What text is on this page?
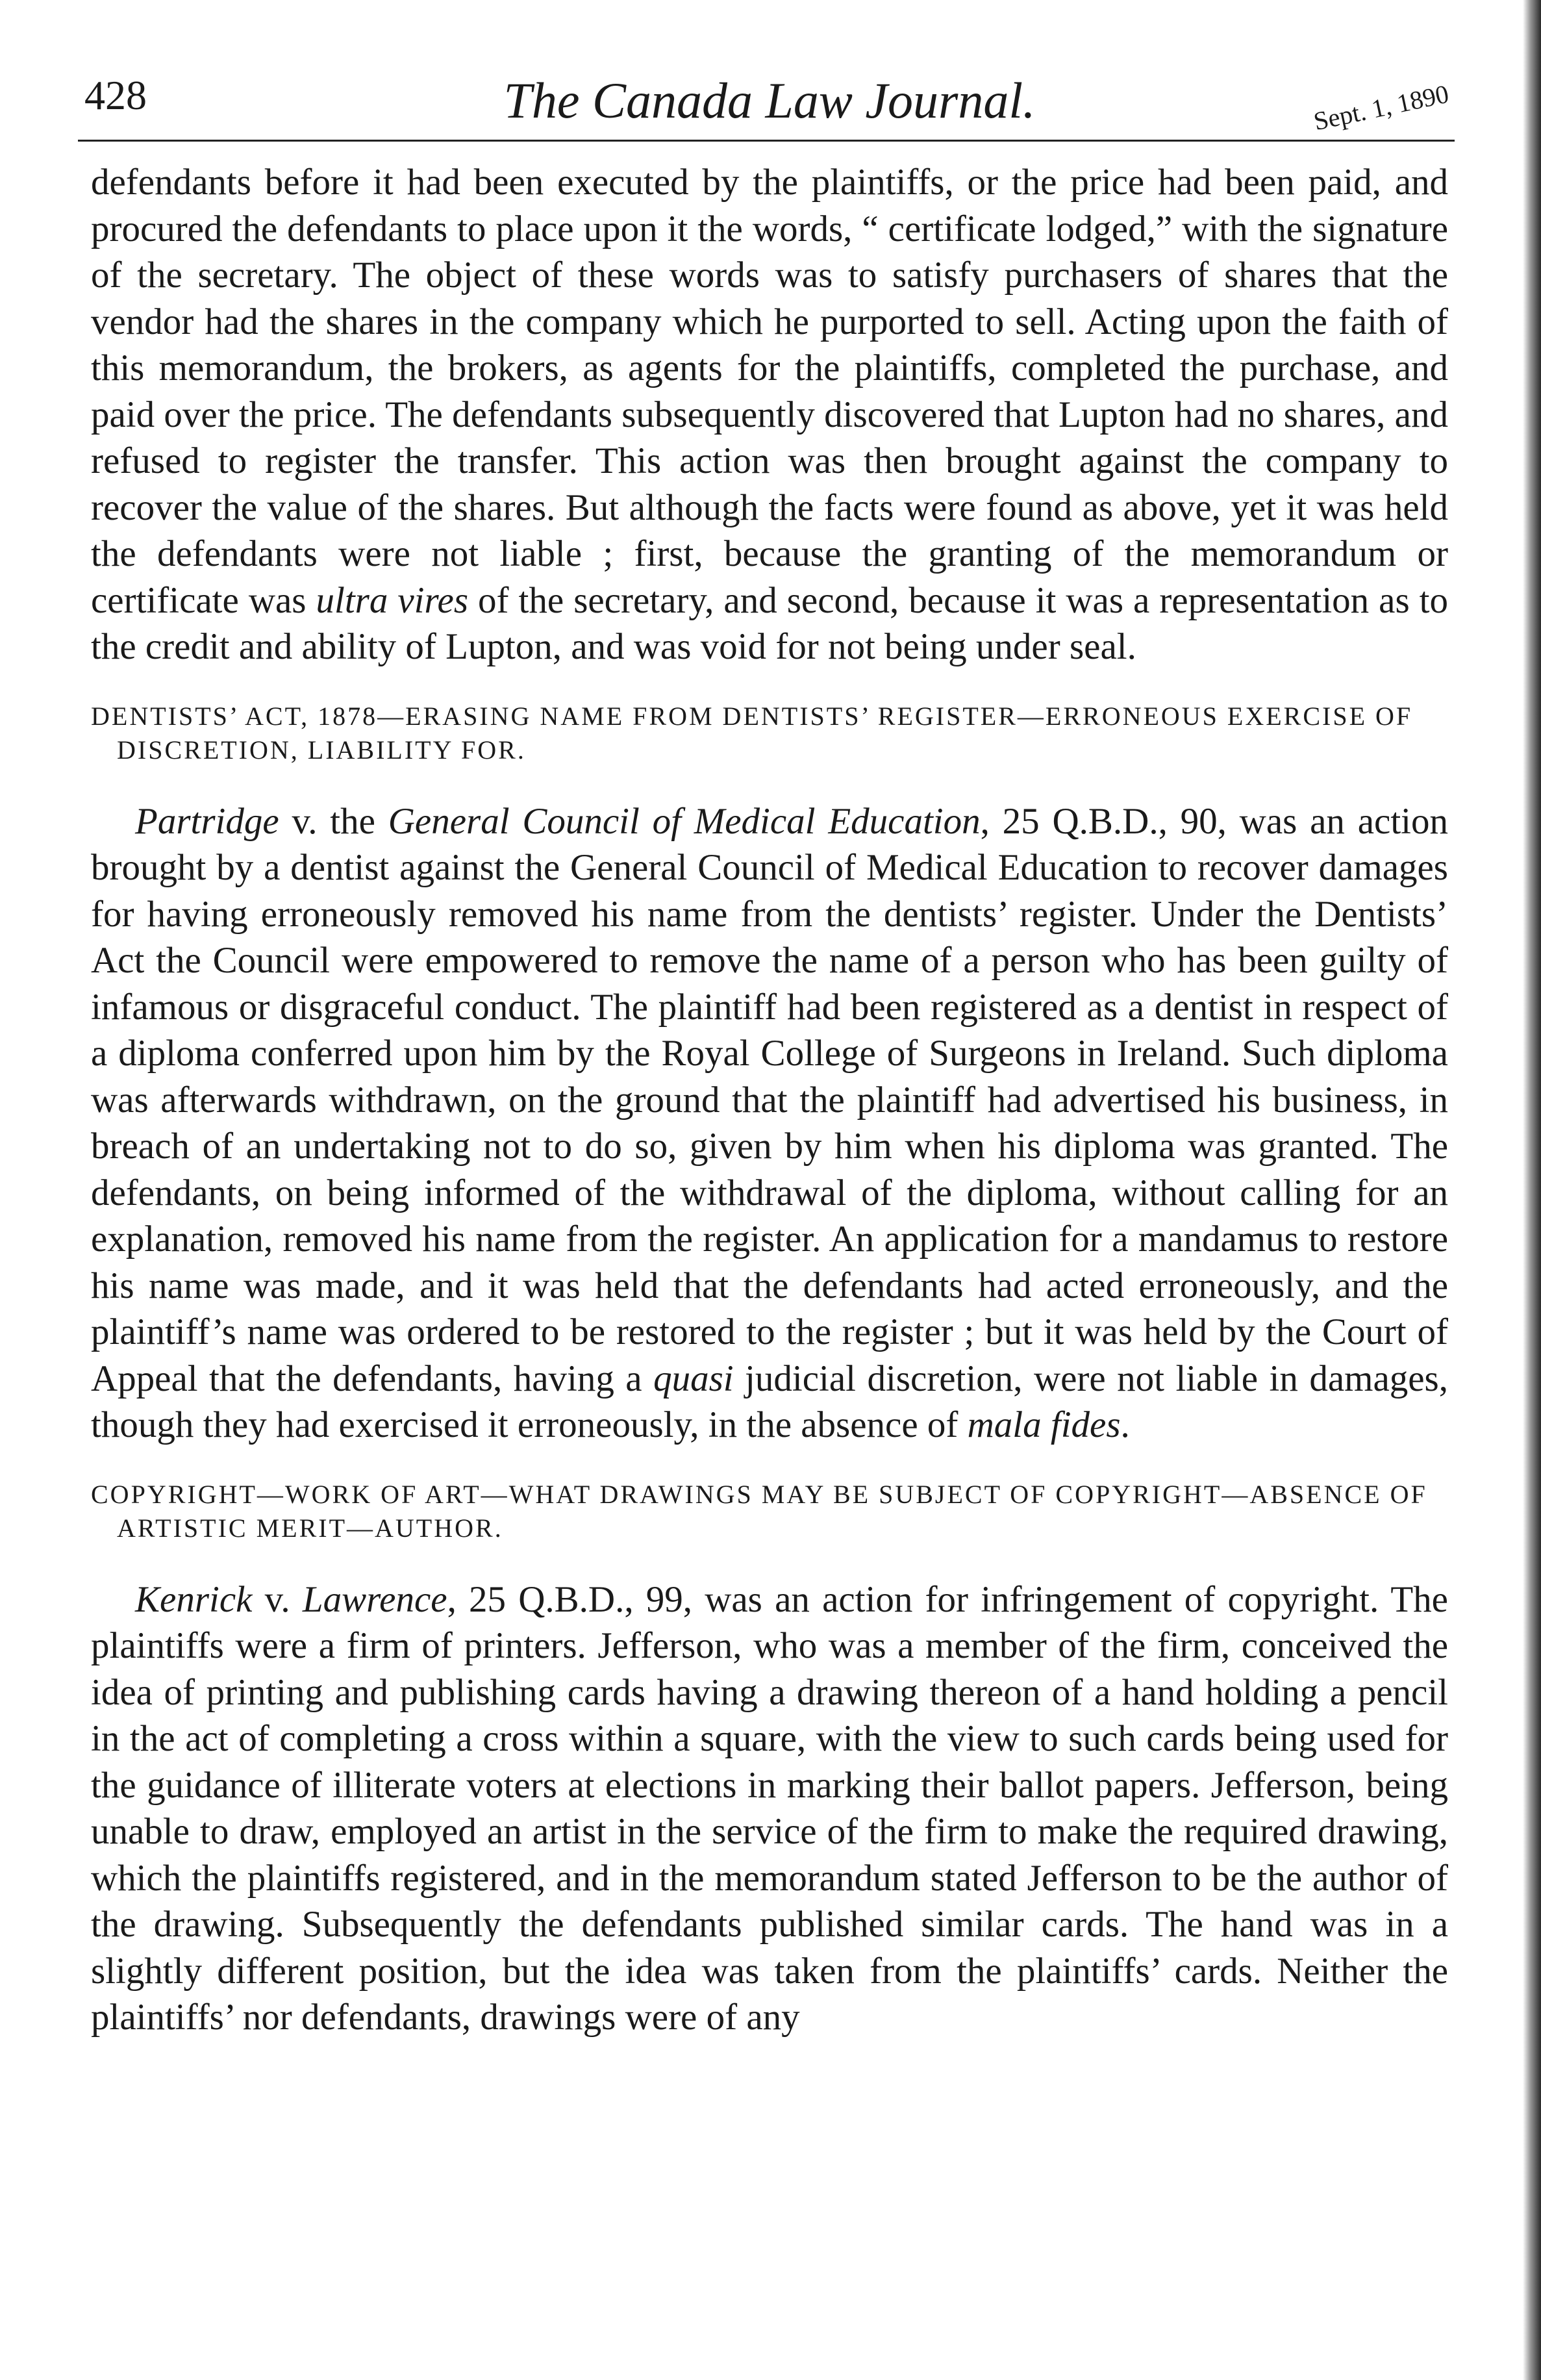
428	The Canada Law Journal.	Sept. 1, 1890

defendants before it had been executed by the plaintiffs, or the price had been paid, and procured the defendants to place upon it the words, “ certificate lodged,” with the signature of the secretary. The object of these words was to satisfy purchasers of shares that the vendor had the shares in the company which he purported to sell. Acting upon the faith of this memorandum, the brokers, as agents for the plaintiffs, completed the purchase, and paid over the price. The defendants subsequently discovered that Lupton had no shares, and refused to register the transfer. This action was then brought against the company to recover the value of the shares. But although the facts were found as above, yet it was held the defendants were not liable ; first, because the granting of the memorandum or certificate was ultra vires of the secretary, and second, because it was a representation as to the credit and ability of Lupton, and was void for not being under seal.

DENTISTS’ ACT, 1878—ERASING NAME FROM DENTISTS’ REGISTER—ERRONEOUS EXERCISE OF DISCRETION, LIABILITY FOR.

Partridge v. the General Council of Medical Education, 25 Q.B.D., 90, was an action brought by a dentist against the General Council of Medical Education to recover damages for having erroneously removed his name from the dentists’ register. Under the Dentists’ Act the Council were empowered to remove the name of a person who has been guilty of infamous or disgraceful conduct. The plaintiff had been registered as a dentist in respect of a diploma conferred upon him by the Royal College of Surgeons in Ireland. Such diploma was afterwards withdrawn, on the ground that the plaintiff had advertised his business, in breach of an undertaking not to do so, given by him when his diploma was granted. The defendants, on being informed of the withdrawal of the diploma, without calling for an explanation, removed his name from the register. An application for a mandamus to restore his name was made, and it was held that the defendants had acted erroneously, and the plaintiff’s name was ordered to be restored to the register ; but it was held by the Court of Appeal that the defendants, having a quasi judicial discretion, were not liable in damages, though they had exercised it erroneously, in the absence of mala fides.

COPYRIGHT—WORK OF ART—WHAT DRAWINGS MAY BE SUBJECT OF COPYRIGHT—ABSENCE OF ARTISTIC MERIT—AUTHOR.

Kenrick v. Lawrence, 25 Q.B.D., 99, was an action for infringement of copyright. The plaintiffs were a firm of printers. Jefferson, who was a member of the firm, conceived the idea of printing and publishing cards having a drawing thereon of a hand holding a pencil in the act of completing a cross within a square, with the view to such cards being used for the guidance of illiterate voters at elections in marking their ballot papers. Jefferson, being unable to draw, employed an artist in the service of the firm to make the required drawing, which the plaintiffs registered, and in the memorandum stated Jefferson to be the author of the drawing. Subsequently the defendants published similar cards. The hand was in a slightly different position, but the idea was taken from the plaintiffs’ cards. Neither the plaintiffs’ nor defendants, drawings were of any
